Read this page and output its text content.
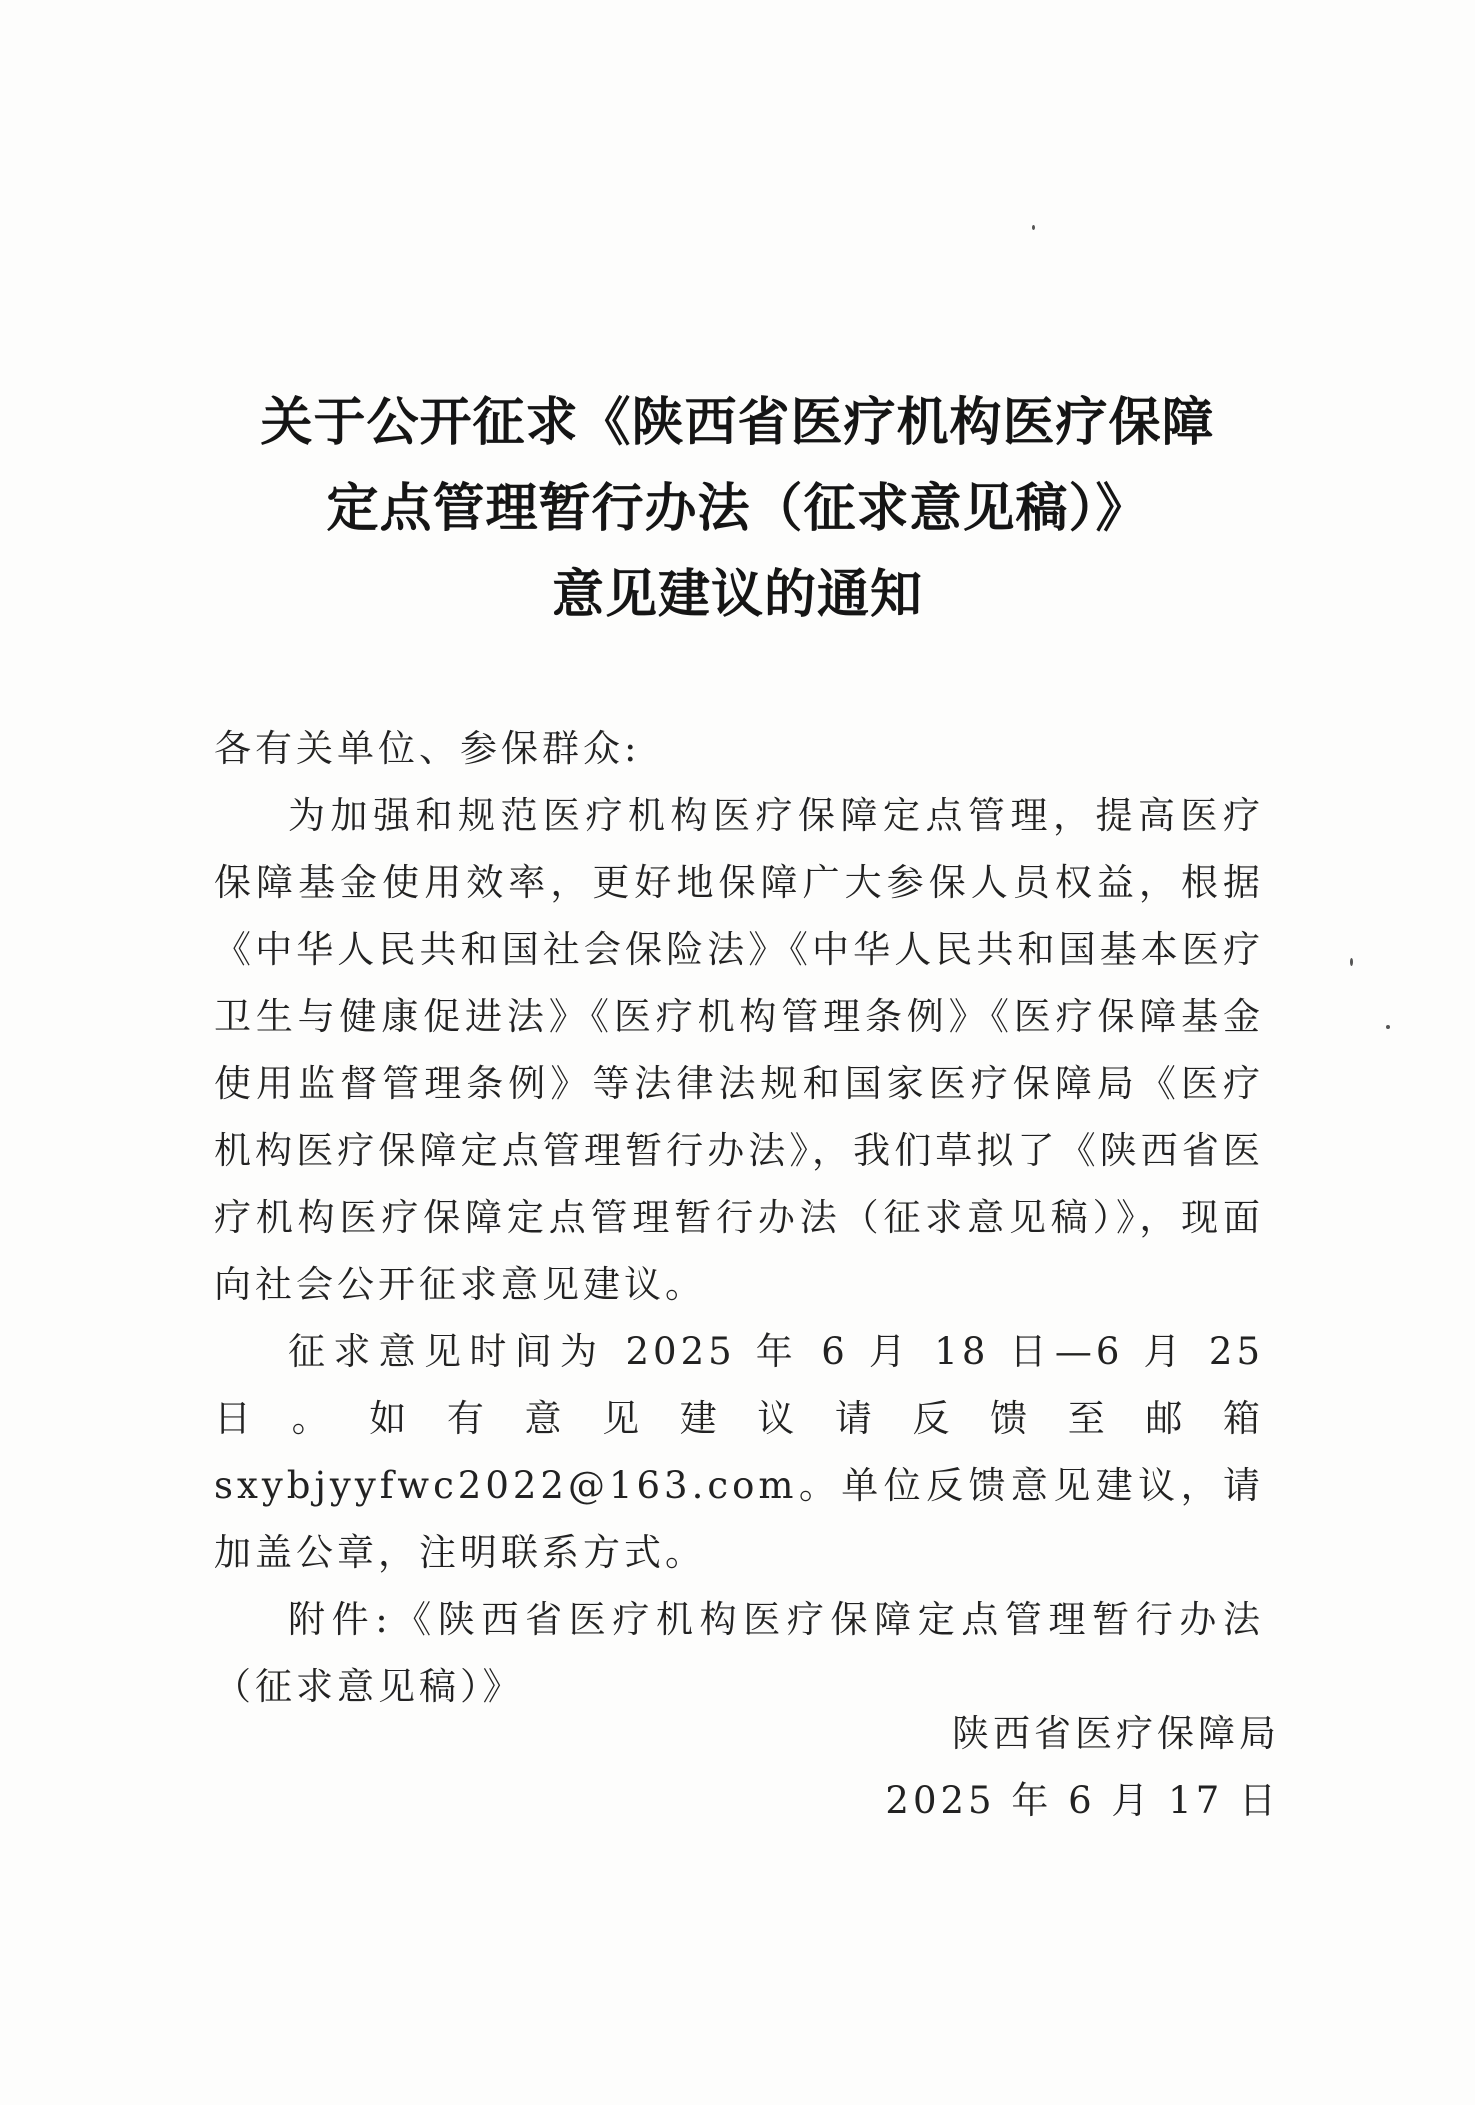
关于公开征求《陕西省医疗机构医疗保障
定点管理暂行办法（征求意见稿）》
意见建议的通知

各有关单位、参保群众:

为加强和规范医疗机构医疗保障定点管理，提高医疗保障基金使用效率，更好地保障广大参保人员权益，根据《中华人民共和国社会保险法》《中华人民共和国基本医疗卫生与健康促进法》《医疗机构管理条例》《医疗保障基金使用监督管理条例》等法律法规和国家医疗保障局《医疗机构医疗保障定点管理暂行办法》，我们草拟了《陕西省医疗机构医疗保障定点管理暂行办法（征求意见稿）》，现面向社会公开征求意见建议。

征求意见时间为 2025 年 6 月 18 日—6 月 25 日。如有意见建议请反馈至邮箱 sxybjyyfwc2022@163.com。单位反馈意见建议，请加盖公章，注明联系方式。

附件:《陕西省医疗机构医疗保障定点管理暂行办法（征求意见稿）》

陕西省医疗保障局
2025 年 6 月 17 日
